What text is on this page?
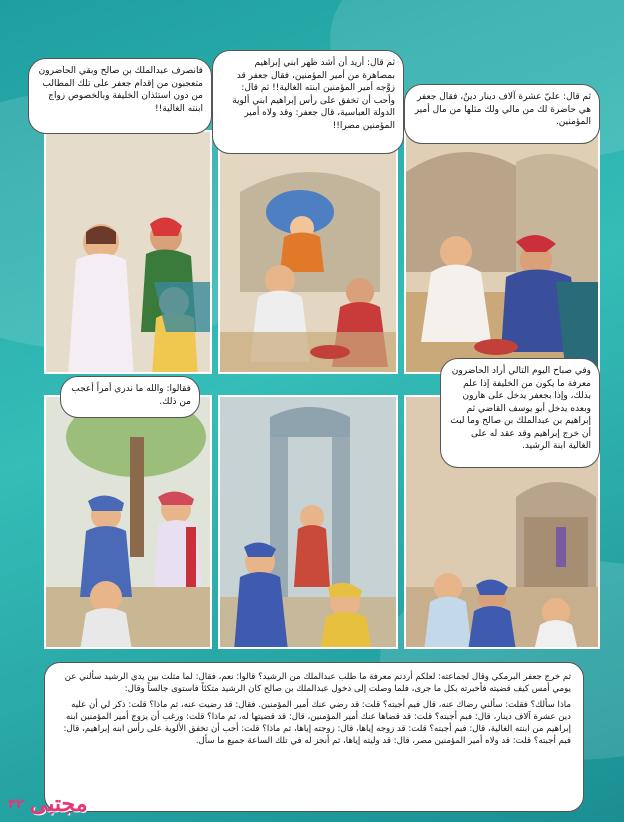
ثم قال: عليّ عشرة آلاف دينار دينٌ، فقال جعفر هي حاضرة لك من مالي ولك مثلها من مال أمير المؤمنين.
ثم قال: أريد أن أشد ظهر ابني إبراهيم بمصاهرة من أمير المؤمنين، فقال جعفر قد زوَّجه أمير المؤمنين ابنته الغالية!! ثم قال: وأحب أن تخفق على رأس إبراهيم ابني ألوية الدولة العباسية، قال جعفر: وقد ولاه أمير المؤمنين مصرا!!
فانصرف عبدالملك بن صالح وبقي الحاضرون متعجبون من إقدام جعفر على تلك المطالب من دون استئذان الخليفة وبالخصوص زواج ابنته الغالية!!
وفي صباح اليوم التالي أراد الحاضرون معرفة ما يكون من الخليفة إذا علم بذلك، وإذا بجعفر يدخل على هارون وبعده يدخل أبو يوسف القاضي ثم إبراهيم بن عبدالملك بن صالح وما لبث أن خرج إبراهيم وقد عقد له على الغالية ابنة الرشيد.
فقالوا: والله ما ندري أمراً أعجب من ذلك.

ثم خرج جعفر البرمكي وقال لجماعته: لعلكم أردتم معرفة ما طلب عبدالملك من الرشيد؟ قالوا: نعم، فقال: لما مثلت بين يدي الرشيد سألني عن يومي أمس كيف قضيته فأخبرته بكل ما جرى، فلما وصلت إلى دخول عبدالملك بن صالح كان الرشيد متكئاً فاستوى جالساً وقال:

ماذا سألك؟ فقلت: سألني رضاك عنه، قال فبم أجبته؟ قلت: قد رضي عنك أمير المؤمنين. فقال: قد رضيت عنه، ثم ماذا؟ قلت: ذكر لي أن عليه دين عشرة آلاف دينار، قال: فبم أجبته؟ قلت: قد قضاها عنك أمير المؤمنين، قال: قد قضيتها له، ثم ماذا؟ قلت: ورغب أن يزوج أمير المؤمنين ابنه إبراهيم من ابنته الغالية، قال: فبم أجبته؟ قلت: قد زوجه إياها، قال: زوجته إياها، ثم ماذا؟ قلت: أحب أن تخفق الألوية على رأس ابنه إبراهيم، قال: فبم أجبته؟ قلت: قد ولاه أمير المؤمنين مصر، قال: قد وليته إياها، ثم أنجز له في تلك الساعة جميع ما سأل.

٣٢ مجتبى العدد ١١٥ - ذو القعدة ١٤٢٨
